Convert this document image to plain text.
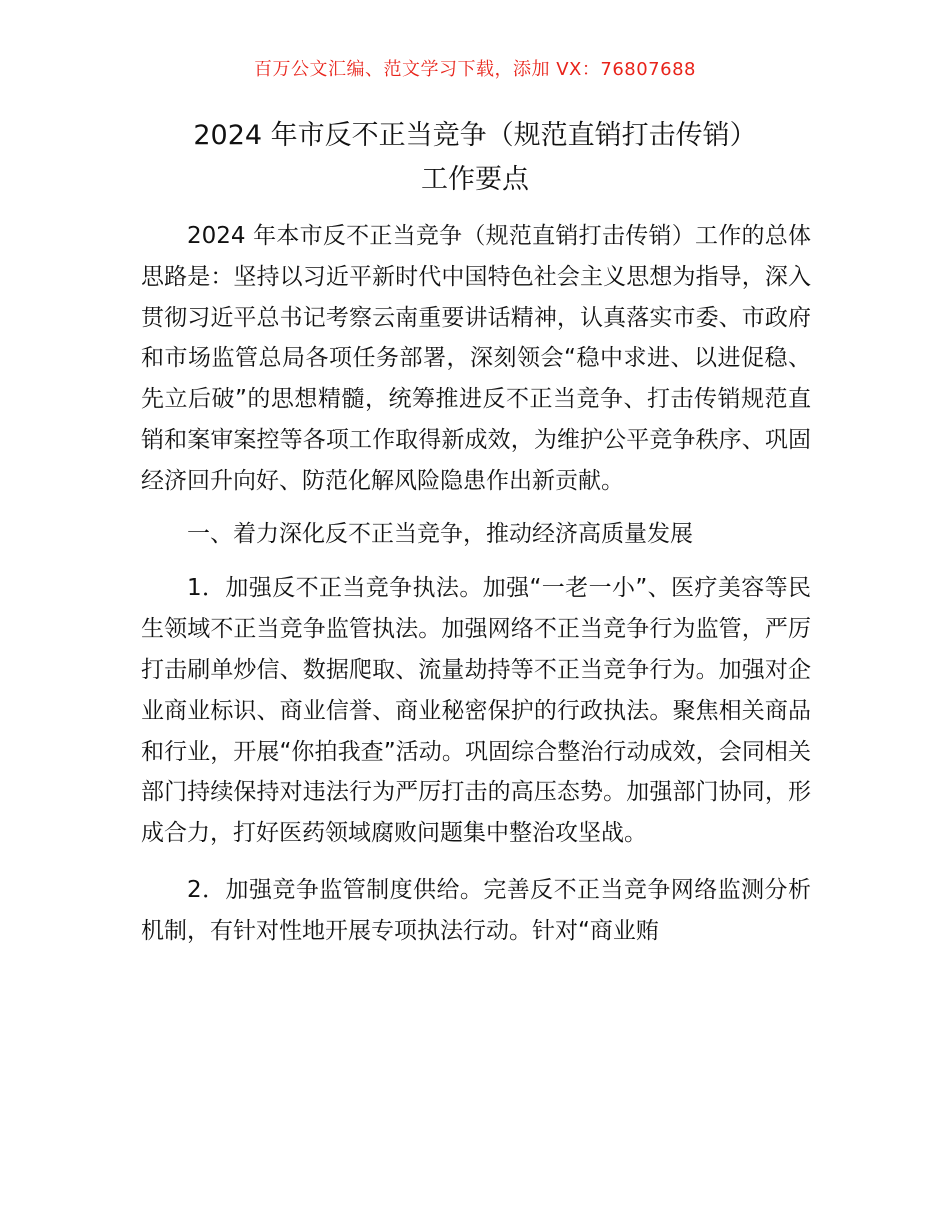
百万公文汇编、范文学习下载，添加 VX：76807688
2024 年市反不正当竞争（规范直销打击传销）
工作要点

2024 年本市反不正当竞争（规范直销打击传销）工作的总体思路是：坚持以习近平新时代中国特色社会主义思想为指导，深入贯彻习近平总书记考察云南重要讲话精神，认真落实市委、市政府和市场监管总局各项任务部署，深刻领会“稳中求进、以进促稳、先立后破”的思想精髓，统筹推进反不正当竞争、打击传销规范直销和案审案控等各项工作取得新成效，为维护公平竞争秩序、巩固经济回升向好、防范化解风险隐患作出新贡献。

一、着力深化反不正当竞争，推动经济高质量发展

1．加强反不正当竞争执法。加强“一老一小”、医疗美容等民生领域不正当竞争监管执法。加强网络不正当竞争行为监管，严厉打击刷单炒信、数据爬取、流量劫持等不正当竞争行为。加强对企业商业标识、商业信誉、商业秘密保护的行政执法。聚焦相关商品和行业，开展“你拍我查”活动。巩固综合整治行动成效，会同相关部门持续保持对违法行为严厉打击的高压态势。加强部门协同，形成合力，打好医药领域腐败问题集中整治攻坚战。

2．加强竞争监管制度供给。完善反不正当竞争网络监测分析机制，有针对性地开展专项执法行动。针对“商业贿
